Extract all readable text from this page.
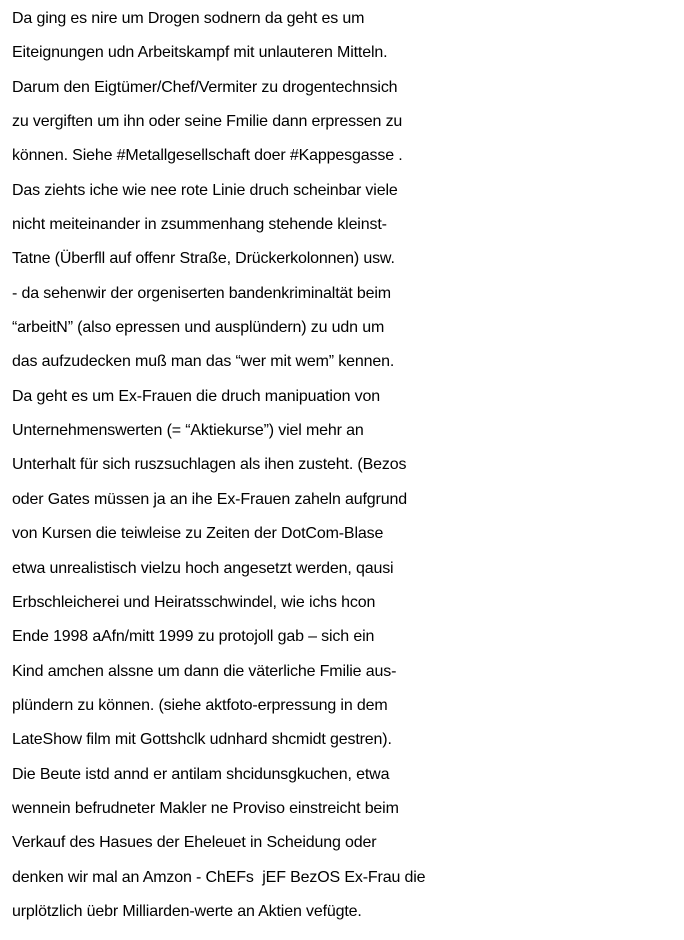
Da ging es nire um Drogen sodnern da geht es um
Eiteignungen udn Arbeitskampf mit unlauteren Mitteln.
Darum den Eigtümer/Chef/Vermiter zu drogentechnsich
zu vergiften um ihn oder seine Fmilie dann erpressen zu
können. Siehe #Metallgesellschaft doer #Kappesgasse .
Das ziehts iche wie nee rote Linie druch scheinbar viele
nicht meiteinander in zsummenhang stehende kleinst-
Tatne (Überfll auf offenr Straße, Drückerkolonnen) usw.
- da sehenwir der orgeniserten bandenkriminaltät beim
“arbeitN” (also epressen und ausplündern) zu udn um
das aufzudecken muß man das “wer mit wem” kennen.
Da geht es um Ex-Frauen die druch manipuation von
Unternehmenswerten (= “Aktiekurse”) viel mehr an
Unterhalt für sich ruszsuchlagen als ihen zusteht. (Bezos
oder Gates müssen ja an ihe Ex-Frauen zaheln aufgrund
von Kursen die teiwleise zu Zeiten der DotCom-Blase
etwa unrealistisch vielzu hoch angesetzt werden, qausi
Erbschleicherei und Heiratsschwindel, wie ichs hcon
Ende 1998 aAfn/mitt 1999 zu protojoll gab – sich ein
Kind amchen alssne um dann die väterliche Fmilie aus-
plündern zu können. (siehe aktfoto-erpressung in dem
LateShow film mit Gottshclk udnhard shcmidt gestren).
Die Beute istd annd er antilam shcidunsgkuchen, etwa
wennein befrudneter Makler ne Proviso einstreicht beim
Verkauf des Hasues der Eheleuet in Scheidung oder
denken wir mal an Amzon - ChEFs  jEF BezOS Ex-Frau die
urplötzlich üebr Milliarden-werte an Aktien vefügte.
